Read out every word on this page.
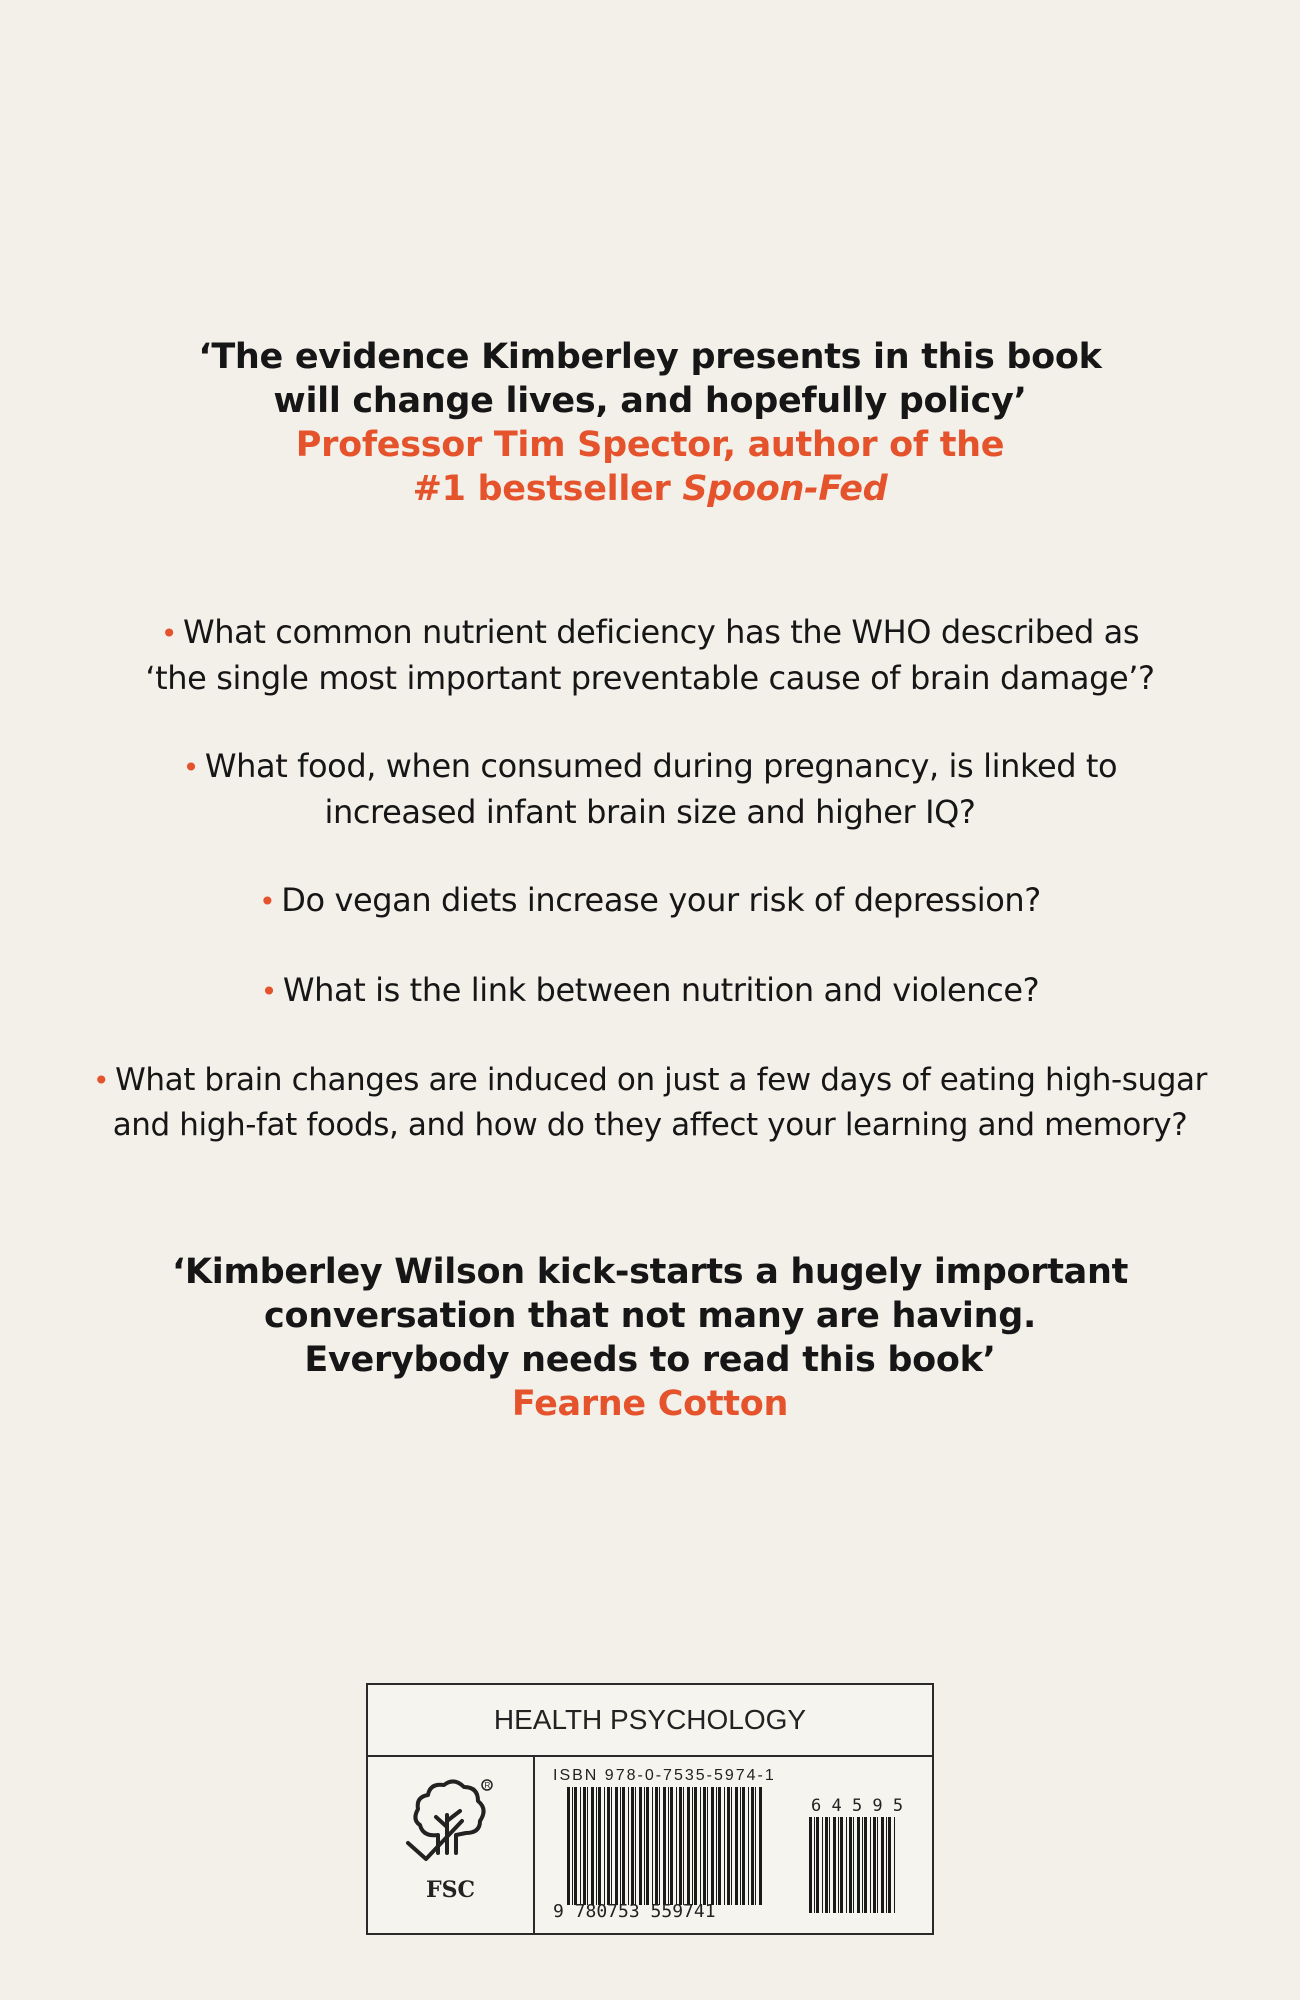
‘The evidence Kimberley presents in this book
will change lives, and hopefully policy’
Professor Tim Spector, author of the
#1 bestseller Spoon-Fed
• What common nutrient deficiency has the WHO described as
‘the single most important preventable cause of brain damage’?
• What food, when consumed during pregnancy, is linked to
increased infant brain size and higher IQ?
• Do vegan diets increase your risk of depression?
• What is the link between nutrition and violence?
• What brain changes are induced on just a few days of eating high-sugar
and high-fat foods, and how do they affect your learning and memory?
‘Kimberley Wilson kick-starts a hugely important
conversation that not many are having.
Everybody needs to read this book’
Fearne Cotton
HEALTH PSYCHOLOGY
R
FSC
ISBN 978-0-7535-5974-1
9 780753 559741
6 4 5 9 5
